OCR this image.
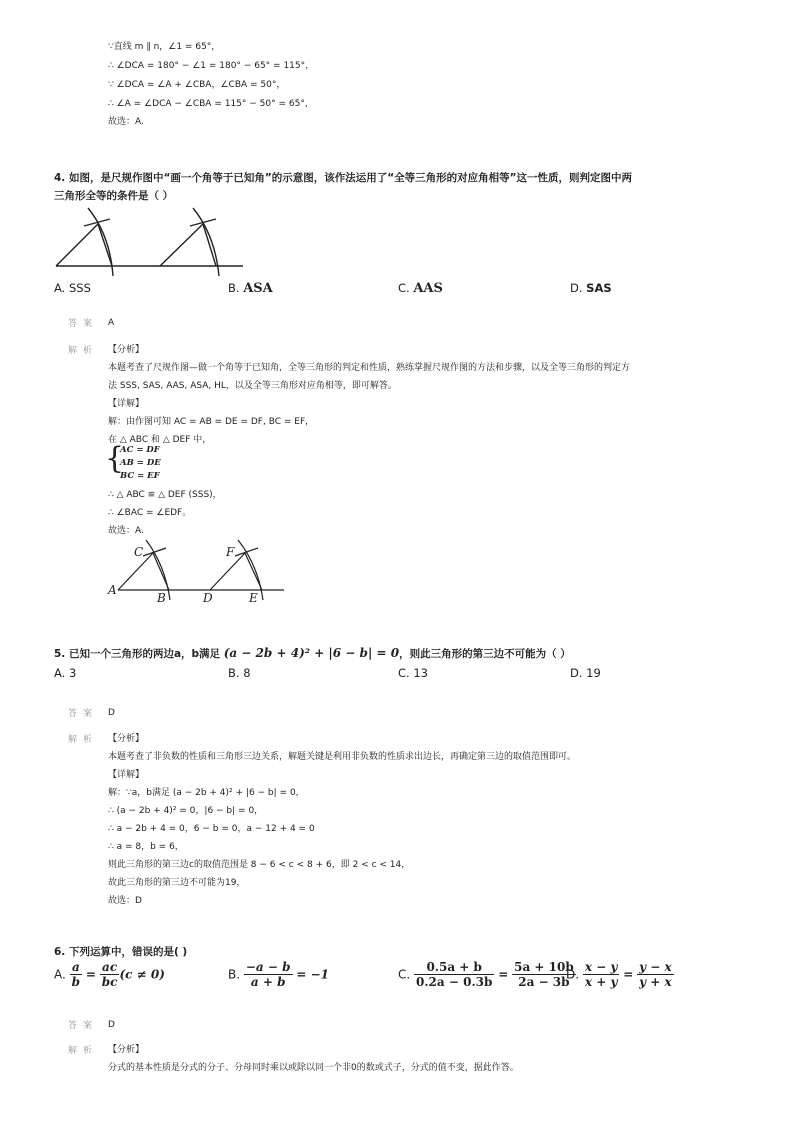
∵直线 m ∥ n，∠1 = 65°，
∴ ∠DCA = 180° − ∠1 = 180° − 65° = 115°，
∵ ∠DCA = ∠A + ∠CBA，∠CBA = 50°，
∴ ∠A = ∠DCA − ∠CBA = 115° − 50° = 65°，
故选：A.
4. 如图，是尺规作图中“画一个角等于已知角”的示意图，该作法运用了“全等三角形的对应角相等”这一性质，则判定图中两
三角形全等的条件是（ ）
A. SSS	B. ASA	C. AAS	D. SAS
答案 A
解析 【分析】
本题考查了尺规作图—做一个角等于已知角，全等三角形的判定和性质，熟练掌握尺规作图的方法和步骤，以及全等三角形的判定方
法 SSS, SAS, AAS, ASA, HL，以及全等三角形对应角相等，即可解答。
【详解】
解：由作图可知 AC = AB = DE = DF, BC = EF，
在 △ ABC 和 △ DEF 中，
{
AC = DF
AB = DE
BC = EF
∴ △ ABC ≌ △ DEF (SSS)，
∴ ∠BAC = ∠EDF。
故选：A.
C
A
B	D
F
E
5. 已知一个三角形的两边a，b满足 (a − 2b + 4)² + |6 − b| = 0，则此三角形的第三边不可能为（ ）
A. 3	B. 8	C. 13	D. 19
答案 D
解析 【分析】
本题考查了非负数的性质和三角形三边关系，解题关键是利用非负数的性质求出边长，再确定第三边的取值范围即可。
【详解】
解：∵a，b满足 (a − 2b + 4)² + |6 − b| = 0，
∴ (a − 2b + 4)² = 0，|6 − b| = 0，
∴ a − 2b + 4 = 0，6 − b = 0，a − 12 + 4 = 0
∴ a = 8，b = 6，
则此三角形的第三边c的取值范围是 8 − 6 < c < 8 + 6，即 2 < c < 14，
故此三角形的第三边不可能为19，
故选：D
6. 下列运算中，错误的是( )
A. $\frac{a}{b} = \frac{ac}{bc} (c \ne 0)$	B. $\frac{-a - b}{a + b} = -1$	C. $\frac{0.5a + b}{0.2a - 0.3b} = \frac{5a + 10b}{2a - 3b}$
D. $\frac{x - y}{x + y} = \frac{y - x}{y + x}$
答案 D
解析 【分析】
分式的基本性质是分式的分子、分母同时乘以或除以同一个非0的数或式子，分式的值不变，据此作答。
